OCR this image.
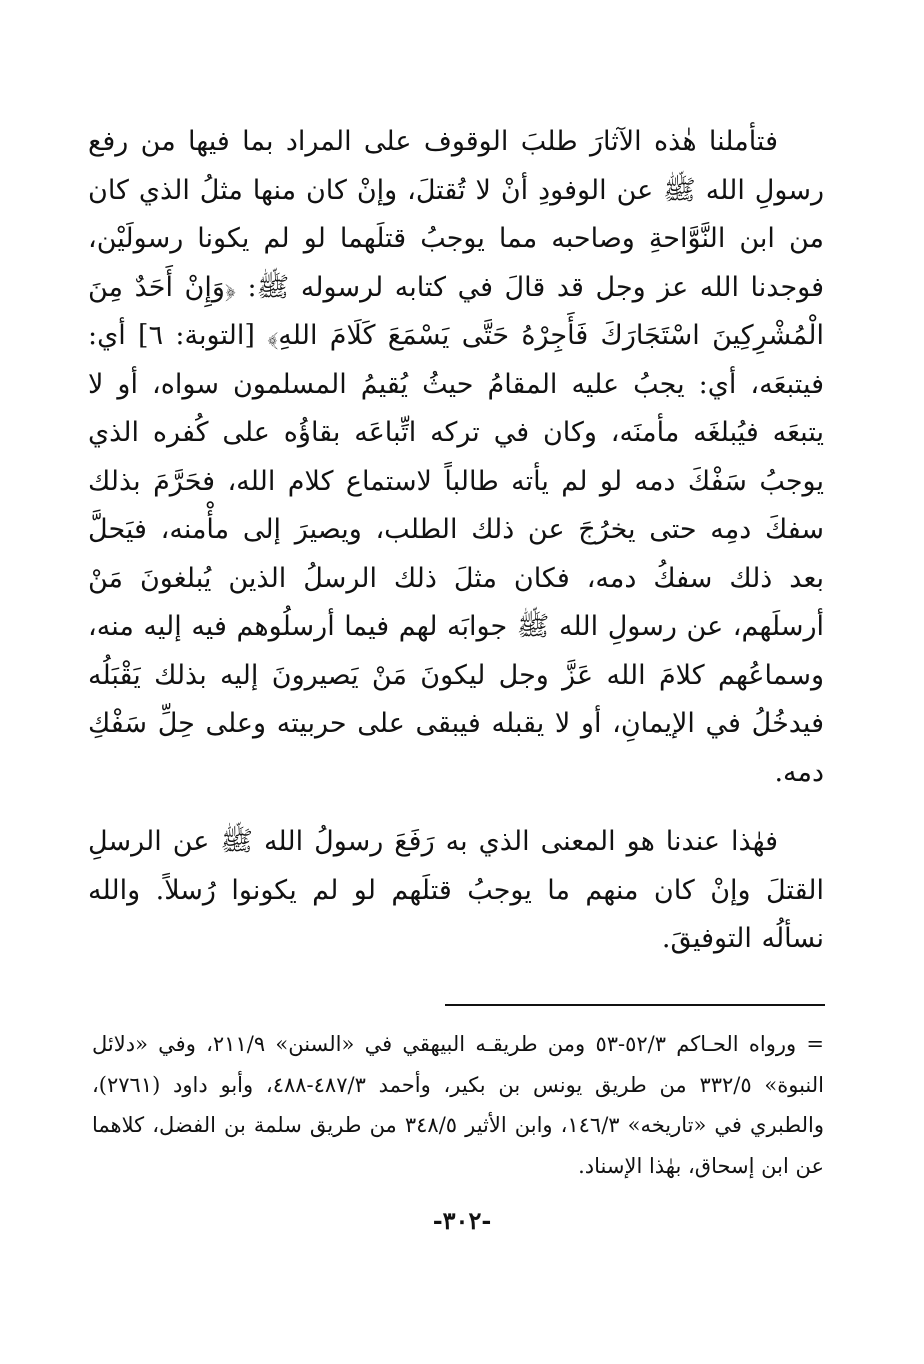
فتأملنا هٰذه الآثارَ طلبَ الوقوف على المراد بما فيها من رفع رسولِ الله ﷺ عن الوفودِ أنْ لا تُقتلَ، وإنْ كان منها مثلُ الذي كان من ابن النَّوَّاحةِ وصاحبه مما يوجبُ قتلَهما لو لم يكونا رسولَيْن، فوجدنا الله عز وجل قد قالَ في كتابه لرسوله ﷺ: ﴿وَإِنْ أَحَدٌ مِنَ الْمُشْرِكِينَ اسْتَجَارَكَ فَأَجِرْهُ حَتَّى يَسْمَعَ كَلَامَ اللهِ﴾ [التوبة: ٦] أي: فيتبعَه، أي: يجبُ عليه المقامُ حيثُ يُقيمُ المسلمون سواه، أو لا يتبعَه فيُبلغَه مأمنَه، وكان في تركه اتِّباعَه بقاؤُه على كُفره الذي يوجبُ سَفْكَ دمه لو لم يأته طالباً لاستماع كلام الله، فحَرَّمَ بذلك سفكَ دمِه حتى يخرُجَ عن ذلك الطلب، ويصيرَ إلى مأْمنه، فيَحلَّ بعد ذلك سفكُ دمه، فكان مثلَ ذلك الرسلُ الذين يُبلغونَ مَنْ أرسلَهم، عن رسولِ الله ﷺ جوابَه لهم فيما أرسلُوهم فيه إليه منه، وسماعُهم كلامَ الله عَزَّ وجل ليكونَ مَنْ يَصيرونَ إليه بذلك يَقْبَلُه فيدخُلُ في الإيمانِ، أو لا يقبله فيبقى على حربيته وعلى حِلِّ سَفْكِ دمه.

فهٰذا عندنا هو المعنى الذي به رَفَعَ رسولُ الله ﷺ عن الرسلِ القتلَ وإنْ كان منهم ما يوجبُ قتلَهم لو لم يكونوا رُسلاً. والله نسألُه التوفيقَ.

= ورواه الحـاكم ٥٢/٣-٥٣ ومن طريقـه البيهقي في «السنن» ٢١١/٩، وفي «دلائل النبوة» ٣٣٢/٥ من طريق يونس بن بكير، وأحمد ٤٨٧/٣-٤٨٨، وأبو داود (٢٧٦١)، والطبري في «تاريخه» ١٤٦/٣، وابن الأثير ٣٤٨/٥ من طريق سلمة بن الفضل، كلاهما عن ابن إسحاق، بهٰذا الإسناد.

-٣٠٢-
